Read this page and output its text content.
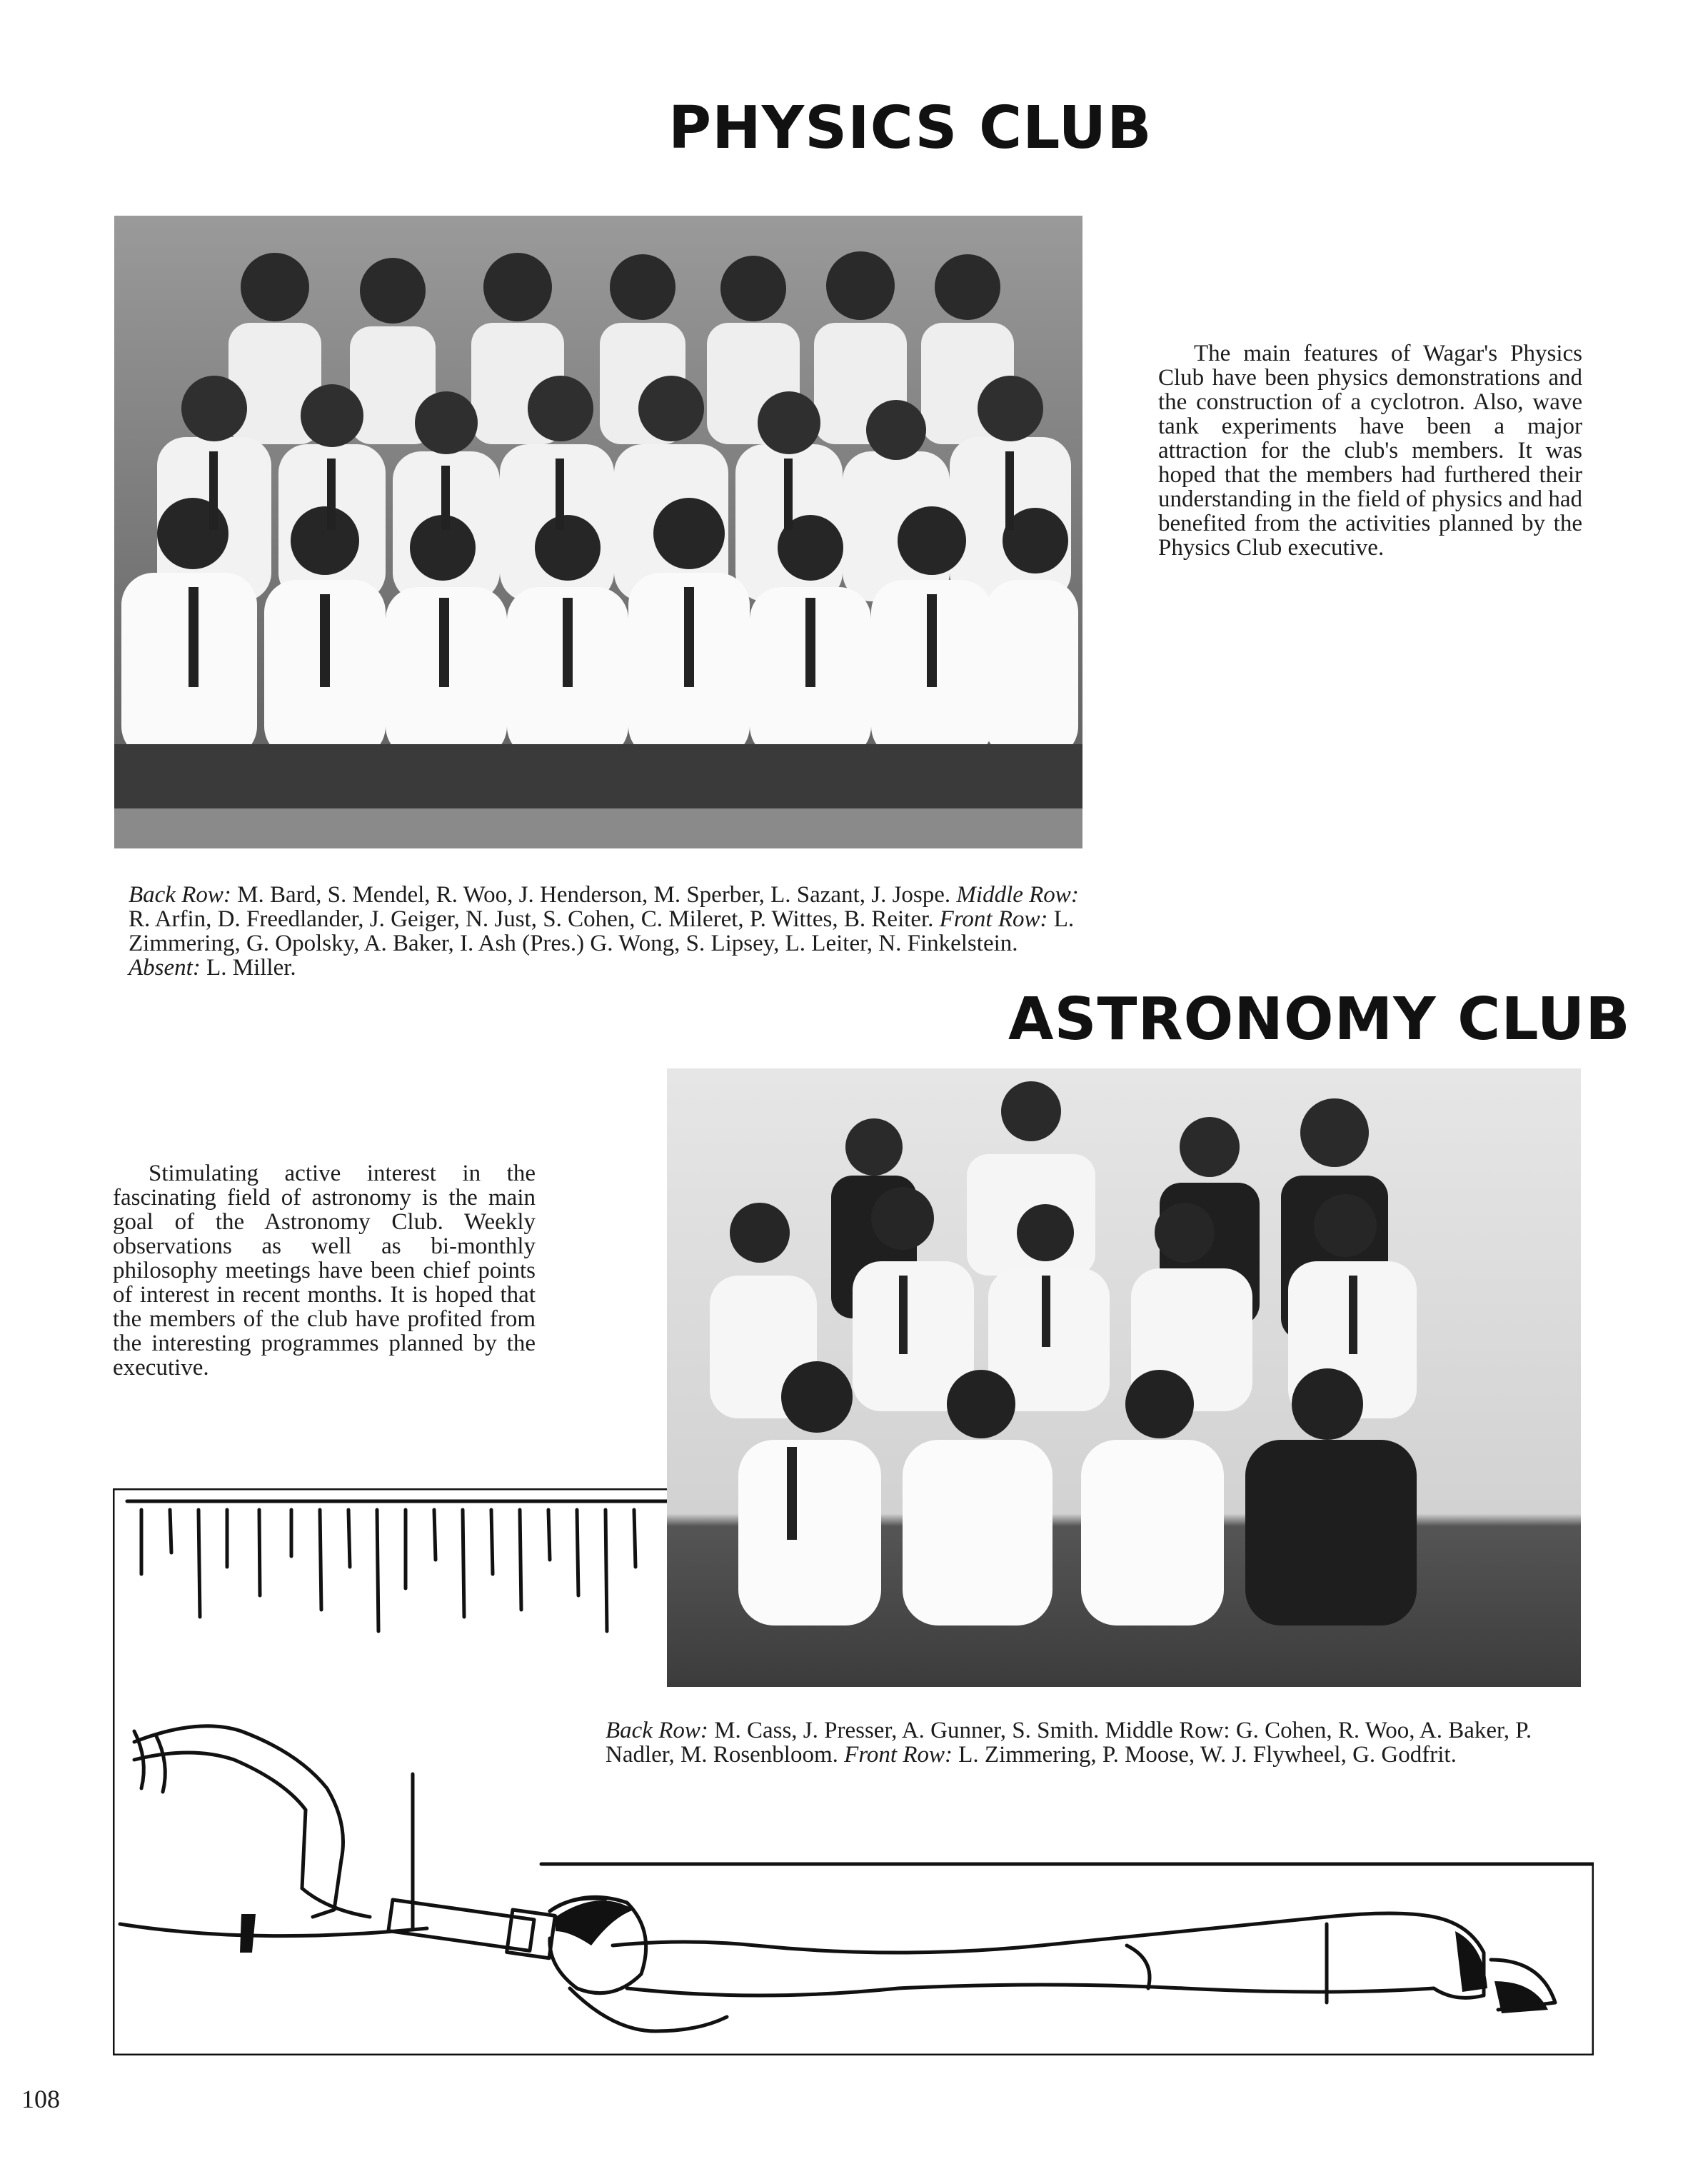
PHYSICS CLUB

The main features of Wagar's Physics Club have been physics demonstrations and the construction of a cyclotron. Also, wave tank experiments have been a major attraction for the club's members. It was hoped that the members had furthered their understanding in the field of physics and had benefited from the activities planned by the Physics Club executive.

Back Row: M. Bard, S. Mendel, R. Woo, J. Henderson, M. Sperber, L. Sazant, J. Jospe. Middle Row: R. Arfin, D. Freedlander, J. Geiger, N. Just, S. Cohen, C. Mileret, P. Wittes, B. Reiter. Front Row: L. Zimmering, G. Opolsky, A. Baker, I. Ash (Pres.) G. Wong, S. Lipsey, L. Leiter, N. Finkelstein. Absent: L. Miller.

ASTRONOMY CLUB

Stimulating active interest in the fascinating field of astronomy is the main goal of the Astronomy Club. Weekly observations as well as bi-monthly philosophy meetings have been chief points of interest in recent months. It is hoped that the members of the club have profited from the interesting programmes planned by the executive.

Back Row: M. Cass, J. Presser, A. Gunner, S. Smith. Middle Row: G. Cohen, R. Woo, A. Baker, P. Nadler, M. Rosenbloom. Front Row: L. Zimmering, P. Moose, W. J. Flywheel, G. Godfrit.

108
